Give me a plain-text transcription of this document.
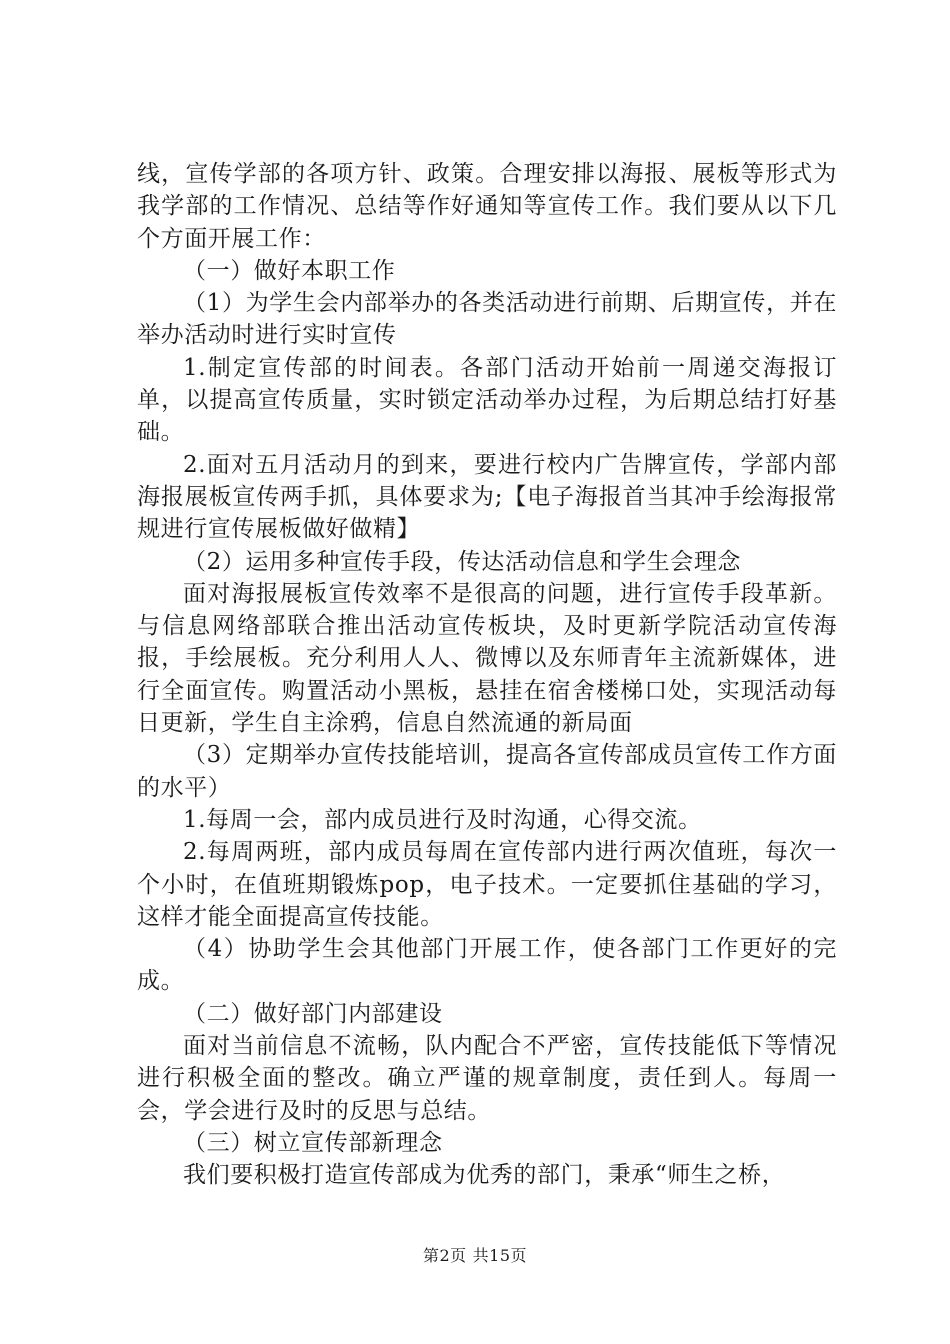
线，宣传学部的各项方针、政策。合理安排以海报、展板等形式为我学部的工作情况、总结等作好通知等宣传工作。我们要从以下几个方面开展工作：

（一）做好本职工作

（1）为学生会内部举办的各类活动进行前期、后期宣传，并在举办活动时进行实时宣传

1.制定宣传部的时间表。各部门活动开始前一周递交海报订单，以提高宣传质量，实时锁定活动举办过程，为后期总结打好基础。

2.面对五月活动月的到来，要进行校内广告牌宣传，学部内部海报展板宣传两手抓，具体要求为;【电子海报首当其冲手绘海报常规进行宣传展板做好做精】

（2）运用多种宣传手段，传达活动信息和学生会理念

面对海报展板宣传效率不是很高的问题，进行宣传手段革新。与信息网络部联合推出活动宣传板块，及时更新学院活动宣传海报，手绘展板。充分利用人人、微博以及东师青年主流新媒体，进行全面宣传。购置活动小黑板，悬挂在宿舍楼梯口处，实现活动每日更新，学生自主涂鸦，信息自然流通的新局面

（3）定期举办宣传技能培训，提高各宣传部成员宣传工作方面的水平）

1.每周一会，部内成员进行及时沟通，心得交流。

2.每周两班，部内成员每周在宣传部内进行两次值班，每次一个小时，在值班期锻炼pop，电子技术。一定要抓住基础的学习，这样才能全面提高宣传技能。

（4）协助学生会其他部门开展工作，使各部门工作更好的完成。

（二）做好部门内部建设

面对当前信息不流畅，队内配合不严密，宣传技能低下等情况进行积极全面的整改。确立严谨的规章制度，责任到人。每周一会，学会进行及时的反思与总结。

（三）树立宣传部新理念

我们要积极打造宣传部成为优秀的部门，秉承“师生之桥，

第2页 共15页
